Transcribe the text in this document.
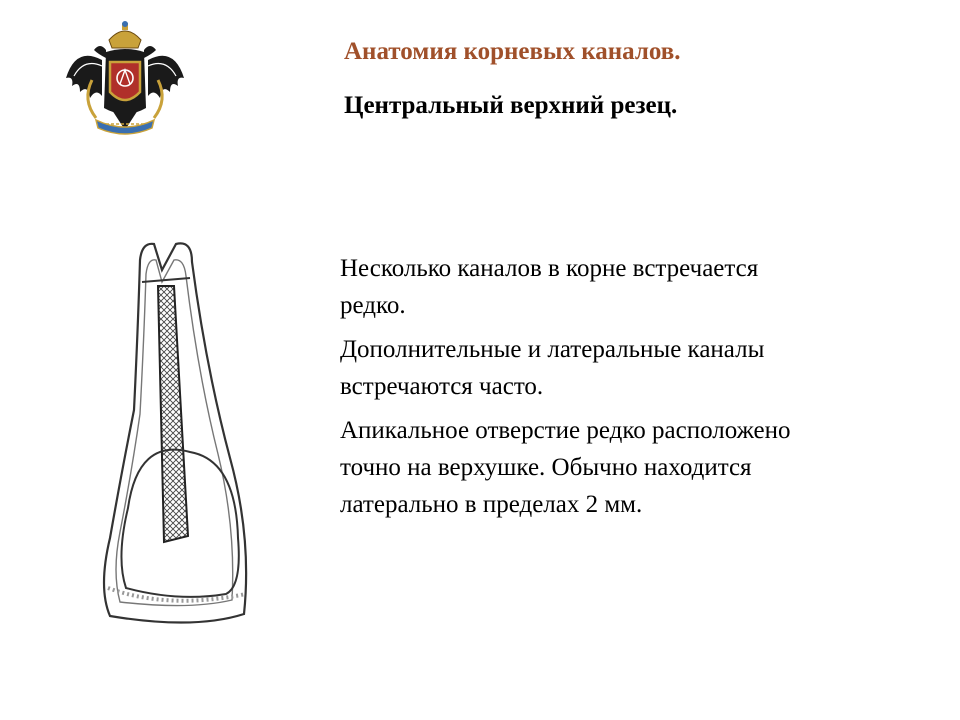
Анатомия корневых каналов.
Центральный верхний резец.

Несколько каналов в корне встречается редко.

Дополнительные и латеральные каналы встречаются часто.

Апикальное отверстие редко расположено точно на верхушке. Обычно находится латерально в пределах 2 мм.
